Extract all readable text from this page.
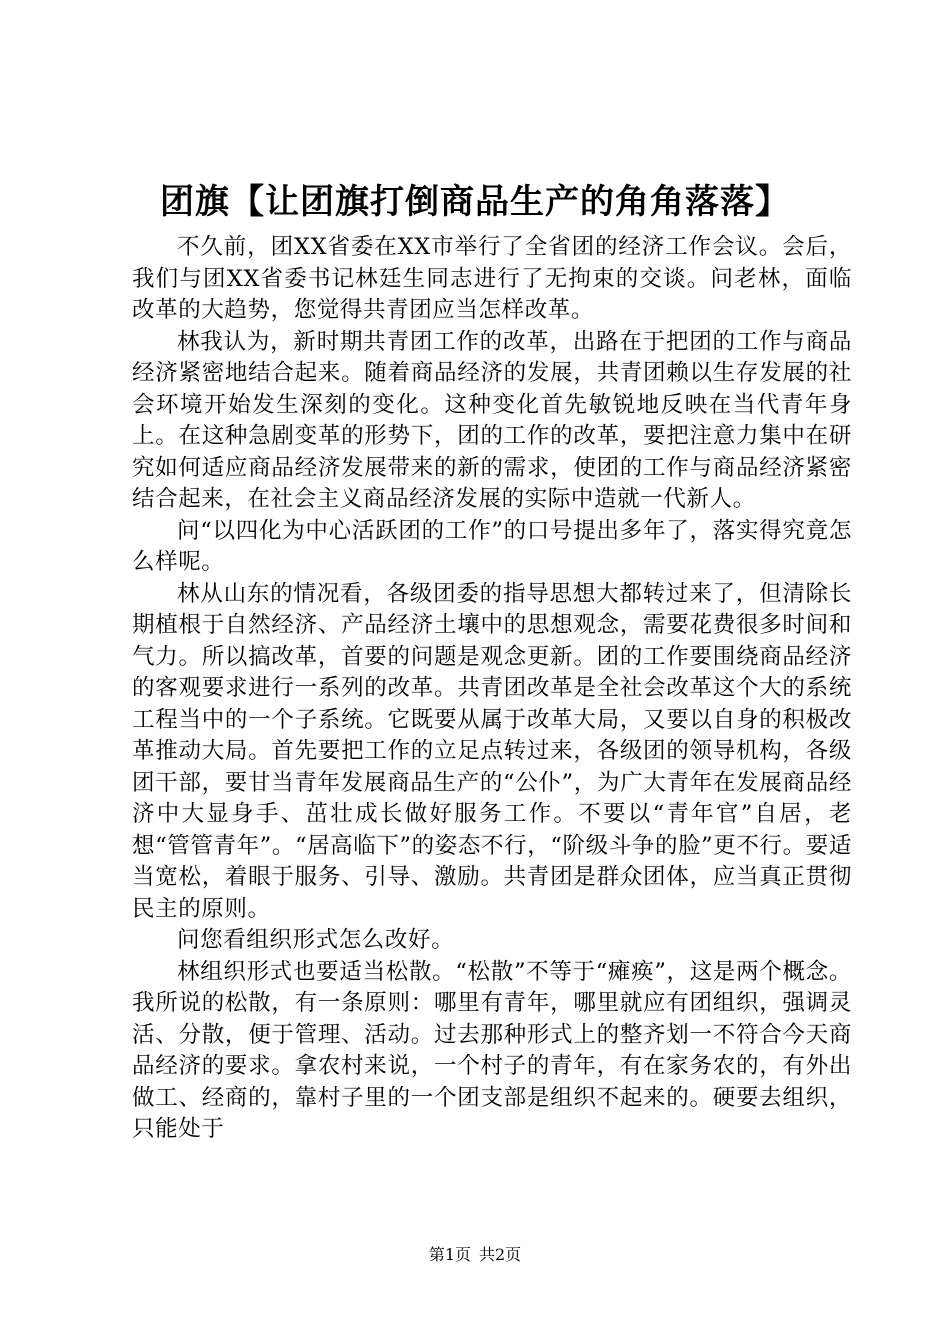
团旗【让团旗打倒商品生产的角角落落】

不久前，团XX省委在XX市举行了全省团的经济工作会议。会后，我们与团XX省委书记林廷生同志进行了无拘束的交谈。问老林，面临改革的大趋势，您觉得共青团应当怎样改革。

林我认为，新时期共青团工作的改革，出路在于把团的工作与商品经济紧密地结合起来。随着商品经济的发展，共青团赖以生存发展的社会环境开始发生深刻的变化。这种变化首先敏锐地反映在当代青年身上。在这种急剧变革的形势下，团的工作的改革，要把注意力集中在研究如何适应商品经济发展带来的新的需求，使团的工作与商品经济紧密结合起来，在社会主义商品经济发展的实际中造就一代新人。

问“以四化为中心活跃团的工作”的口号提出多年了，落实得究竟怎么样呢。

林从山东的情况看，各级团委的指导思想大都转过来了，但清除长期植根于自然经济、产品经济土壤中的思想观念，需要花费很多时间和气力。所以搞改革，首要的问题是观念更新。团的工作要围绕商品经济的客观要求进行一系列的改革。共青团改革是全社会改革这个大的系统工程当中的一个子系统。它既要从属于改革大局，又要以自身的积极改革推动大局。首先要把工作的立足点转过来，各级团的领导机构，各级团干部，要甘当青年发展商品生产的“公仆”，为广大青年在发展商品经济中大显身手、茁壮成长做好服务工作。不要以“青年官”自居，老想“管管青年”。“居高临下”的姿态不行，“阶级斗争的脸”更不行。要适当宽松，着眼于服务、引导、激励。共青团是群众团体，应当真正贯彻民主的原则。

问您看组织形式怎么改好。

林组织形式也要适当松散。“松散”不等于“瘫痪”，这是两个概念。我所说的松散，有一条原则：哪里有青年，哪里就应有团组织，强调灵活、分散，便于管理、活动。过去那种形式上的整齐划一不符合今天商品经济的要求。拿农村来说，一个村子的青年，有在家务农的，有外出做工、经商的，靠村子里的一个团支部是组织不起来的。硬要去组织，只能处于

第1页 共2页
